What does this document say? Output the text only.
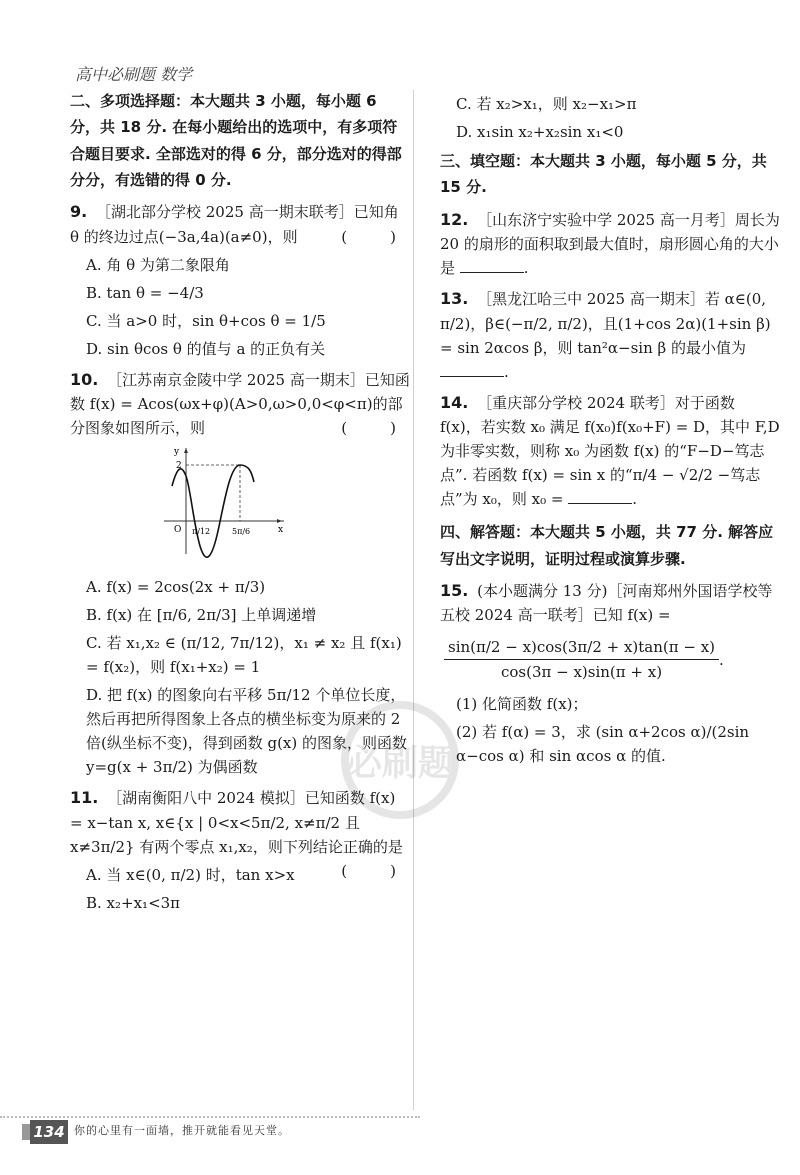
高中必刷题 数学
二、多项选择题：本大题共 3 小题，每小题 6 分，共 18 分. 在每小题给出的选项中，有多项符合题目要求. 全部选对的得 6 分，部分选对的得部分分，有选错的得 0 分.
9. ［湖北部分学校 2025 高一期末联考］已知角 θ 的终边过点(−3a,4a)(a≠0)，则	(　)
A. 角 θ 为第二象限角
B. tan θ = −4/3
C. 当 a>0 时，sin θ+cos θ = 1/5
D. sin θcos θ 的值与 a 的正负有关
10. ［江苏南京金陵中学 2025 高一期末］已知函数 f(x) = Acos(ωx+φ)(A>0,ω>0,0<φ<π)的部分图象如图所示，则	(　)
y
x
O
2
π/12	5π/6
A. f(x) = 2cos(2x + π/3)
B. f(x) 在 [π/6, 2π/3] 上单调递增
C. 若 x₁,x₂ ∈ (π/12, 7π/12)，x₁ ≠ x₂ 且 f(x₁) = f(x₂)，则 f(x₁+x₂) = 1
D. 把 f(x) 的图象向右平移 5π/12 个单位长度，然后再把所得图象上各点的横坐标变为原来的 2 倍(纵坐标不变)，得到函数 g(x) 的图象，则函数 y=g(x + 3π/2) 为偶函数
11. ［湖南衡阳八中 2024 模拟］已知函数 f(x) = x−tan x, x∈{x | 0<x<5π/2, x≠π/2 且 x≠3π/2} 有两个零点 x₁,x₂，则下列结论正确的是
(　)
A. 当 x∈(0, π/2) 时，tan x>x
B. x₂+x₁<3π
C. 若 x₂>x₁，则 x₂−x₁>π
D. x₁sin x₂+x₂sin x₁<0
三、填空题：本大题共 3 小题，每小题 5 分，共 15 分.
12. ［山东济宁实验中学 2025 高一月考］周长为 20 的扇形的面积取到最大值时，扇形圆心角的大小是	.
13. ［黑龙江哈三中 2025 高一期末］若 α∈(0, π/2)，β∈(−π/2, π/2)，且(1+cos 2α)(1+sin β) = sin 2αcos β，则 tan²α−sin β 的最小值为 .
14. ［重庆部分学校 2024 联考］对于函数 f(x)，若实数 x₀ 满足 f(x₀)f(x₀+F) = D，其中 F,D 为非零实数，则称 x₀ 为函数 f(x) 的“F−D−笃志点”. 若函数 f(x) = sin x 的“π/4 − √2/2 −笃志点”为 x₀，则 x₀ =	.
四、解答题：本大题共 5 小题，共 77 分. 解答应写出文字说明，证明过程或演算步骤.
15. (本小题满分 13 分)［河南郑州外国语学校等五校 2024 高一联考］已知 f(x) =
$\frac{\sin(\pi/2 - x)\cos(3\pi/2 + x)\tan(\pi - x)}{\cos(3\pi - x)\sin(\pi + x)}$ .
(1) 化简函数 f(x)；
(2) 若 f(α) = 3，求 (sin α+2cos α)/(2sin α−cos α) 和 sin αcos α 的值.
必刷题
134 你的心里有一面墙，推开就能看见天堂。
